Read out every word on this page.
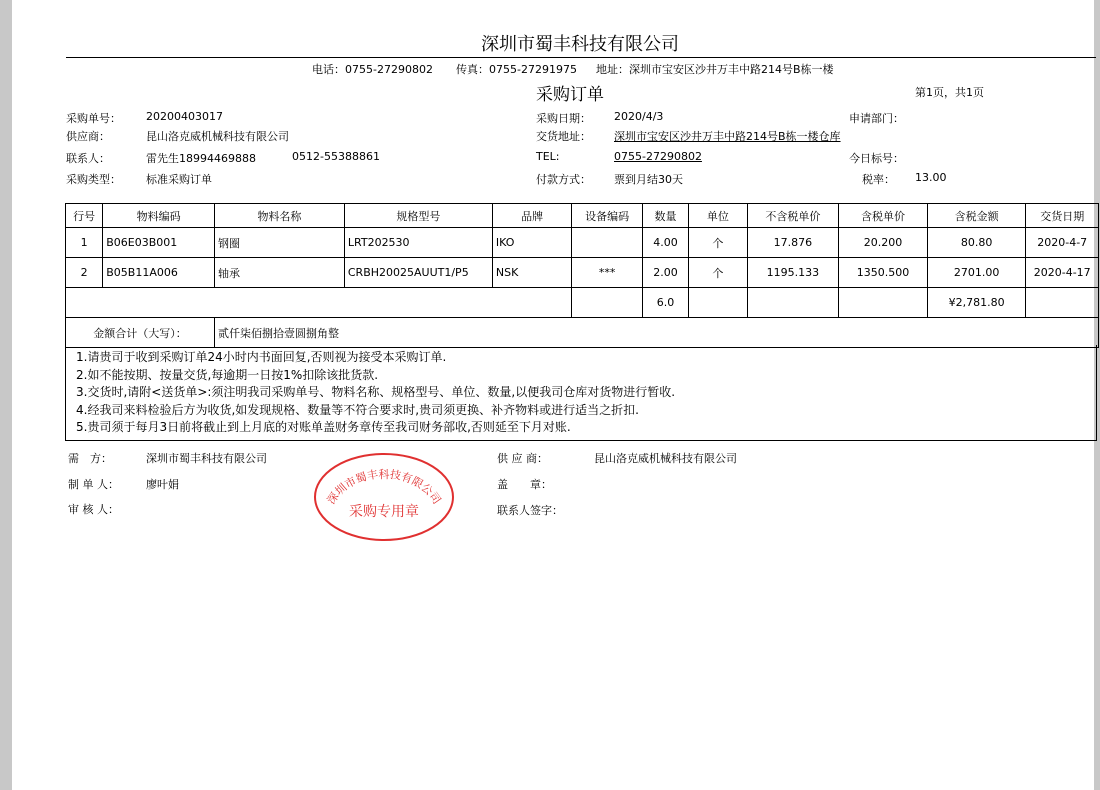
深圳市蜀丰科技有限公司
电话：0755-27290802 传真：0755-27291975 地址：深圳市宝安区沙井万丰中路214号B栋一楼
采购订单	第1页，共1页
采购单号： 20200403017	采购日期： 2020/4/3	申请部门：
供应商：	昆山洛克威机械科技有限公司	交货地址： 深圳市宝安区沙井万丰中路214号B栋一楼仓库
联系人：	雷先生18994469888	0512-55388861	TEL:	0755-27290802	今日标号：
采购类型： 标准采购订单	付款方式： 票到月结30天	税率： 13.00
行号	物料编码	物料名称	规格型号	品牌	设备编码	数量	单位	不含税单价	含税单价	含税金额	交货日期
1	B06E03B001	钢圈	LRT202530	IKO		4.00	个	17.876	20.200	80.80	2020-4-7
2	B05B11A006	轴承	CRBH20025AUUT1/P5	NSK	***	2.00	个	1195.133	1350.500	2701.00	2020-4-17
						6.0				¥2,781.80	
金额合计（大写）：		贰仟柒佰捌拾壹圆捌角整									
1.请贵司于收到采购订单24小时内书面回复,否则视为接受本采购订单.
2.如不能按期、按量交货,每逾期一日按1%扣除该批货款.
3.交货时,请附<送货单>:须注明我司采购单号、物料名称、规格型号、单位、数量,以便我司仓库对货物进行暂收.
4.经我司来料检验后方为收货,如发现规格、数量等不符合要求时,贵司须更换、补齐物料或进行适当之折扣.
5.贵司须于每月3日前将截止到上月底的对账单盖财务章传至我司财务部收,否则延至下月对账.
需　方：	深圳市蜀丰科技有限公司
制 单 人： 廖叶娟
审 核 人：
供 应 商：	昆山洛克威机械科技有限公司
盖　　章：
联系人签字：
深圳市蜀丰科技有限公司
采购专用章
